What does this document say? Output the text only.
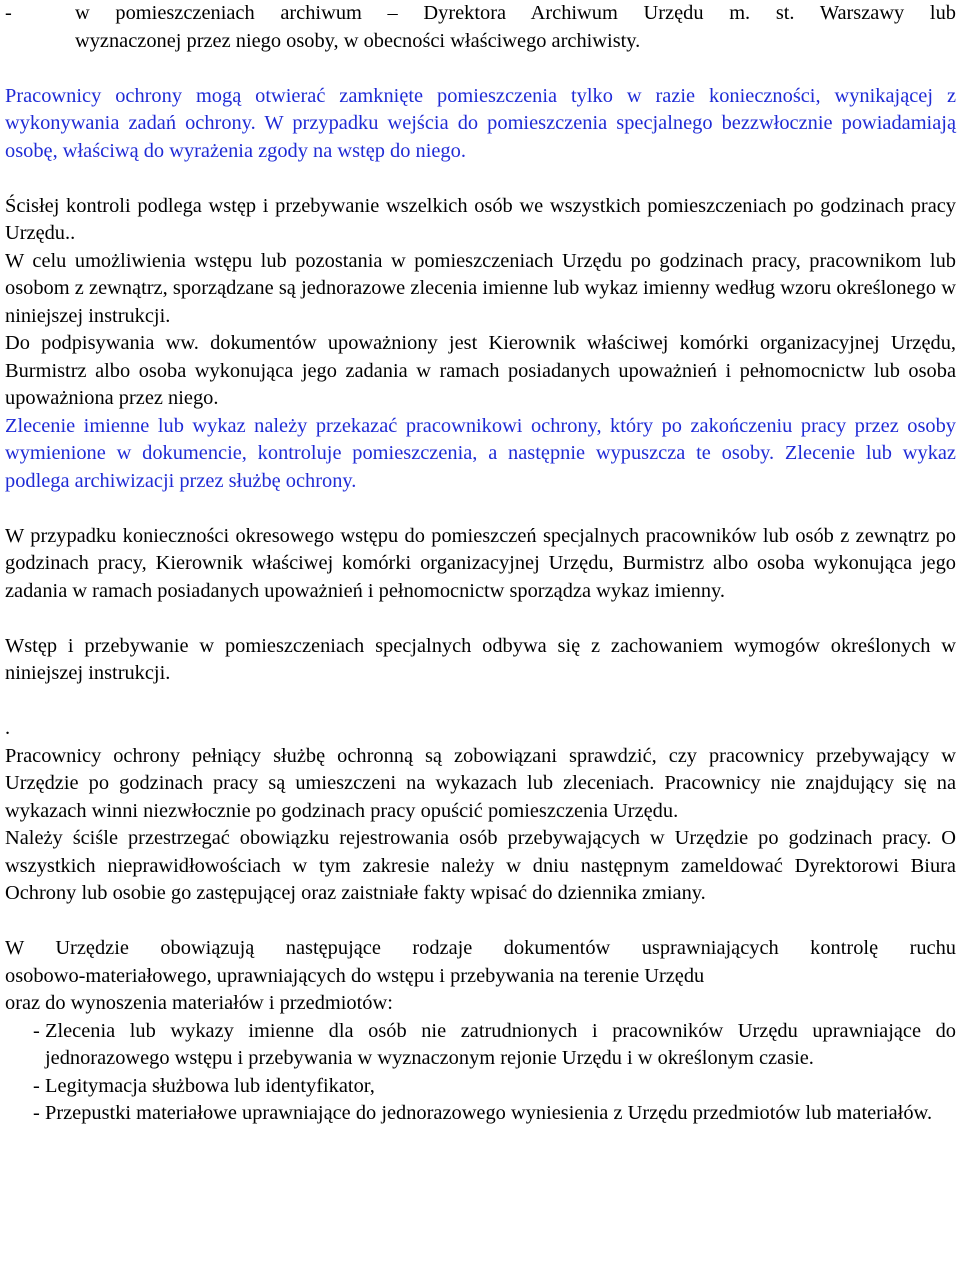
-	w pomieszczeniach archiwum – Dyrektora Archiwum Urzędu m. st. Warszawy lub
wyznaczonej przez niego osoby, w obecności właściwego archiwisty.

Pracownicy ochrony mogą otwierać zamknięte pomieszczenia tylko w razie konieczności, wynikającej z wykonywania zadań ochrony. W przypadku wejścia do pomieszczenia specjalnego bezzwłocznie powiadamiają osobę, właściwą do wyrażenia zgody na wstęp do niego.

Ścisłej kontroli podlega wstęp i przebywanie wszelkich osób we wszystkich pomieszczeniach po godzinach pracy Urzędu..

W celu umożliwienia wstępu lub pozostania w pomieszczeniach Urzędu po godzinach pracy, pracownikom lub osobom z zewnątrz, sporządzane są jednorazowe zlecenia imienne lub wykaz imienny według wzoru określonego w niniejszej instrukcji.

Do podpisywania ww. dokumentów upoważniony jest Kierownik właściwej komórki organizacyjnej Urzędu, Burmistrz albo osoba wykonująca jego zadania w ramach posiadanych upoważnień i pełnomocnictw lub osoba upoważniona przez niego.

Zlecenie imienne lub wykaz należy przekazać pracownikowi ochrony, który po zakończeniu pracy przez osoby wymienione w dokumencie, kontroluje pomieszczenia, a następnie wypuszcza te osoby. Zlecenie lub wykaz podlega archiwizacji przez służbę ochrony.

W przypadku konieczności okresowego wstępu do pomieszczeń specjalnych pracowników lub osób z zewnątrz po godzinach pracy, Kierownik właściwej komórki organizacyjnej Urzędu, Burmistrz albo osoba wykonująca jego zadania w ramach posiadanych upoważnień i pełnomocnictw sporządza wykaz imienny.

Wstęp i przebywanie w pomieszczeniach specjalnych odbywa się z zachowaniem wymogów określonych w niniejszej instrukcji.

.

Pracownicy ochrony pełniący służbę ochronną są zobowiązani sprawdzić, czy pracownicy przebywający w Urzędzie po godzinach pracy są umieszczeni na wykazach lub zleceniach. Pracownicy nie znajdujący się na wykazach winni niezwłocznie po godzinach pracy opuścić pomieszczenia Urzędu.

Należy ściśle przestrzegać obowiązku rejestrowania osób przebywających w Urzędzie po godzinach pracy. O wszystkich nieprawidłowościach w tym zakresie należy w dniu następnym zameldować Dyrektorowi Biura Ochrony lub osobie go zastępującej oraz zaistniałe fakty wpisać do dziennika zmiany.

W Urzędzie obowiązują następujące rodzaje dokumentów usprawniających kontrolę ruchu

osobowo-materiałowego, uprawniających do wstępu i przebywania na terenie Urzędu

oraz do wynoszenia materiałów i przedmiotów:

- Zlecenia lub wykazy imienne dla osób nie zatrudnionych i pracowników Urzędu uprawniające do jednorazowego wstępu i przebywania w wyznaczonym rejonie Urzędu i w określonym czasie.
- Legitymacja służbowa lub identyfikator,
- Przepustki materiałowe uprawniające do jednorazowego wyniesienia z Urzędu przedmiotów lub materiałów.
